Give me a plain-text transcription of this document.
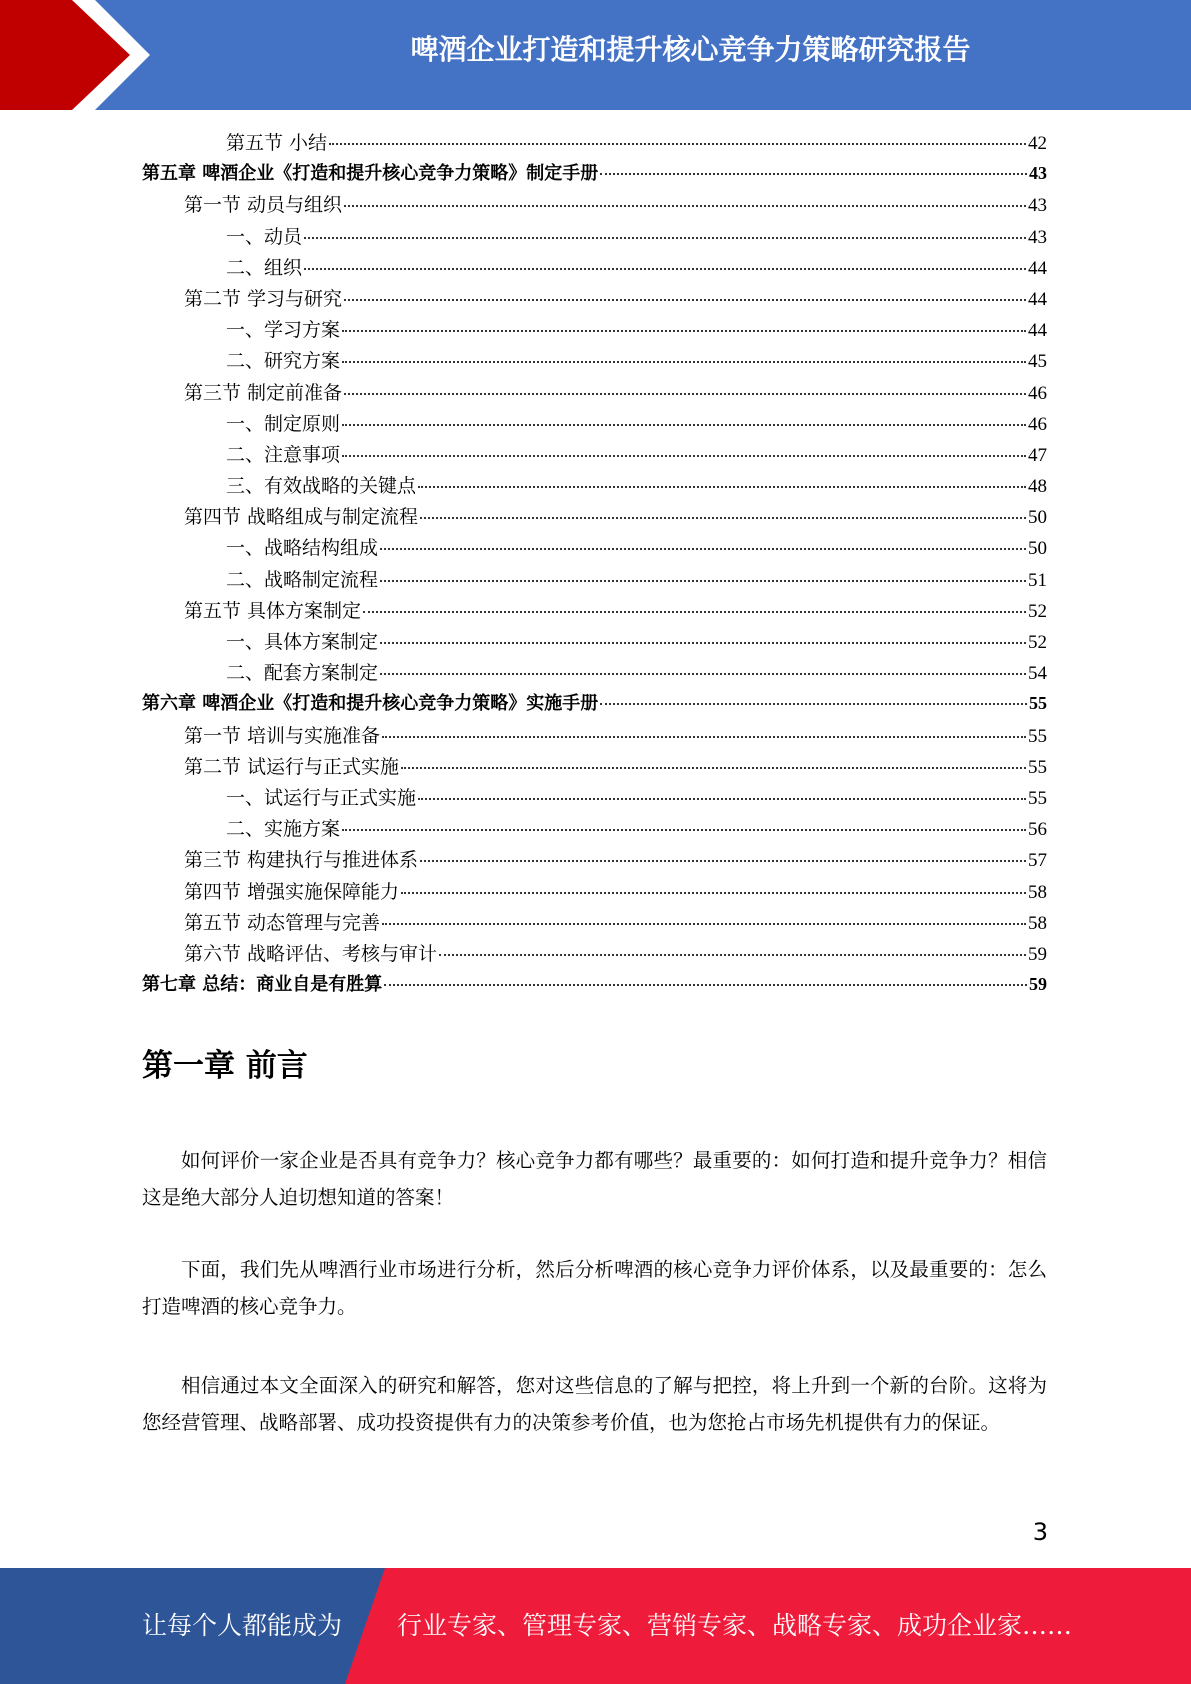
啤酒企业打造和提升核心竞争力策略研究报告
第五节 小结	42
第五章 啤酒企业《打造和提升核心竞争力策略》制定手册	43
第一节 动员与组织	43
一、动员	43
二、组织	44
第二节 学习与研究	44
一、学习方案	44
二、研究方案	45
第三节 制定前准备	46
一、制定原则	46
二、注意事项	47
三、有效战略的关键点	48
第四节 战略组成与制定流程	50
一、战略结构组成	50
二、战略制定流程	51
第五节 具体方案制定	52
一、具体方案制定	52
二、配套方案制定	54
第六章 啤酒企业《打造和提升核心竞争力策略》实施手册	55
第一节 培训与实施准备	55
第二节 试运行与正式实施	55
一、试运行与正式实施	55
二、实施方案	56
第三节 构建执行与推进体系	57
第四节 增强实施保障能力	58
第五节 动态管理与完善	58
第六节 战略评估、考核与审计	59
第七章 总结：商业自是有胜算	59
第一章 前言

如何评价一家企业是否具有竞争力？核心竞争力都有哪些？最重要的：如何打造和提升竞争力？相信这是绝大部分人迫切想知道的答案！

下面，我们先从啤酒行业市场进行分析，然后分析啤酒的核心竞争力评价体系，以及最重要的：怎么打造啤酒的核心竞争力。

相信通过本文全面深入的研究和解答，您对这些信息的了解与把控，将上升到一个新的台阶。这将为您经营管理、战略部署、成功投资提供有力的决策参考价值，也为您抢占市场先机提供有力的保证。

3
让每个人都能成为 行业专家、管理专家、营销专家、战略专家、成功企业家……
